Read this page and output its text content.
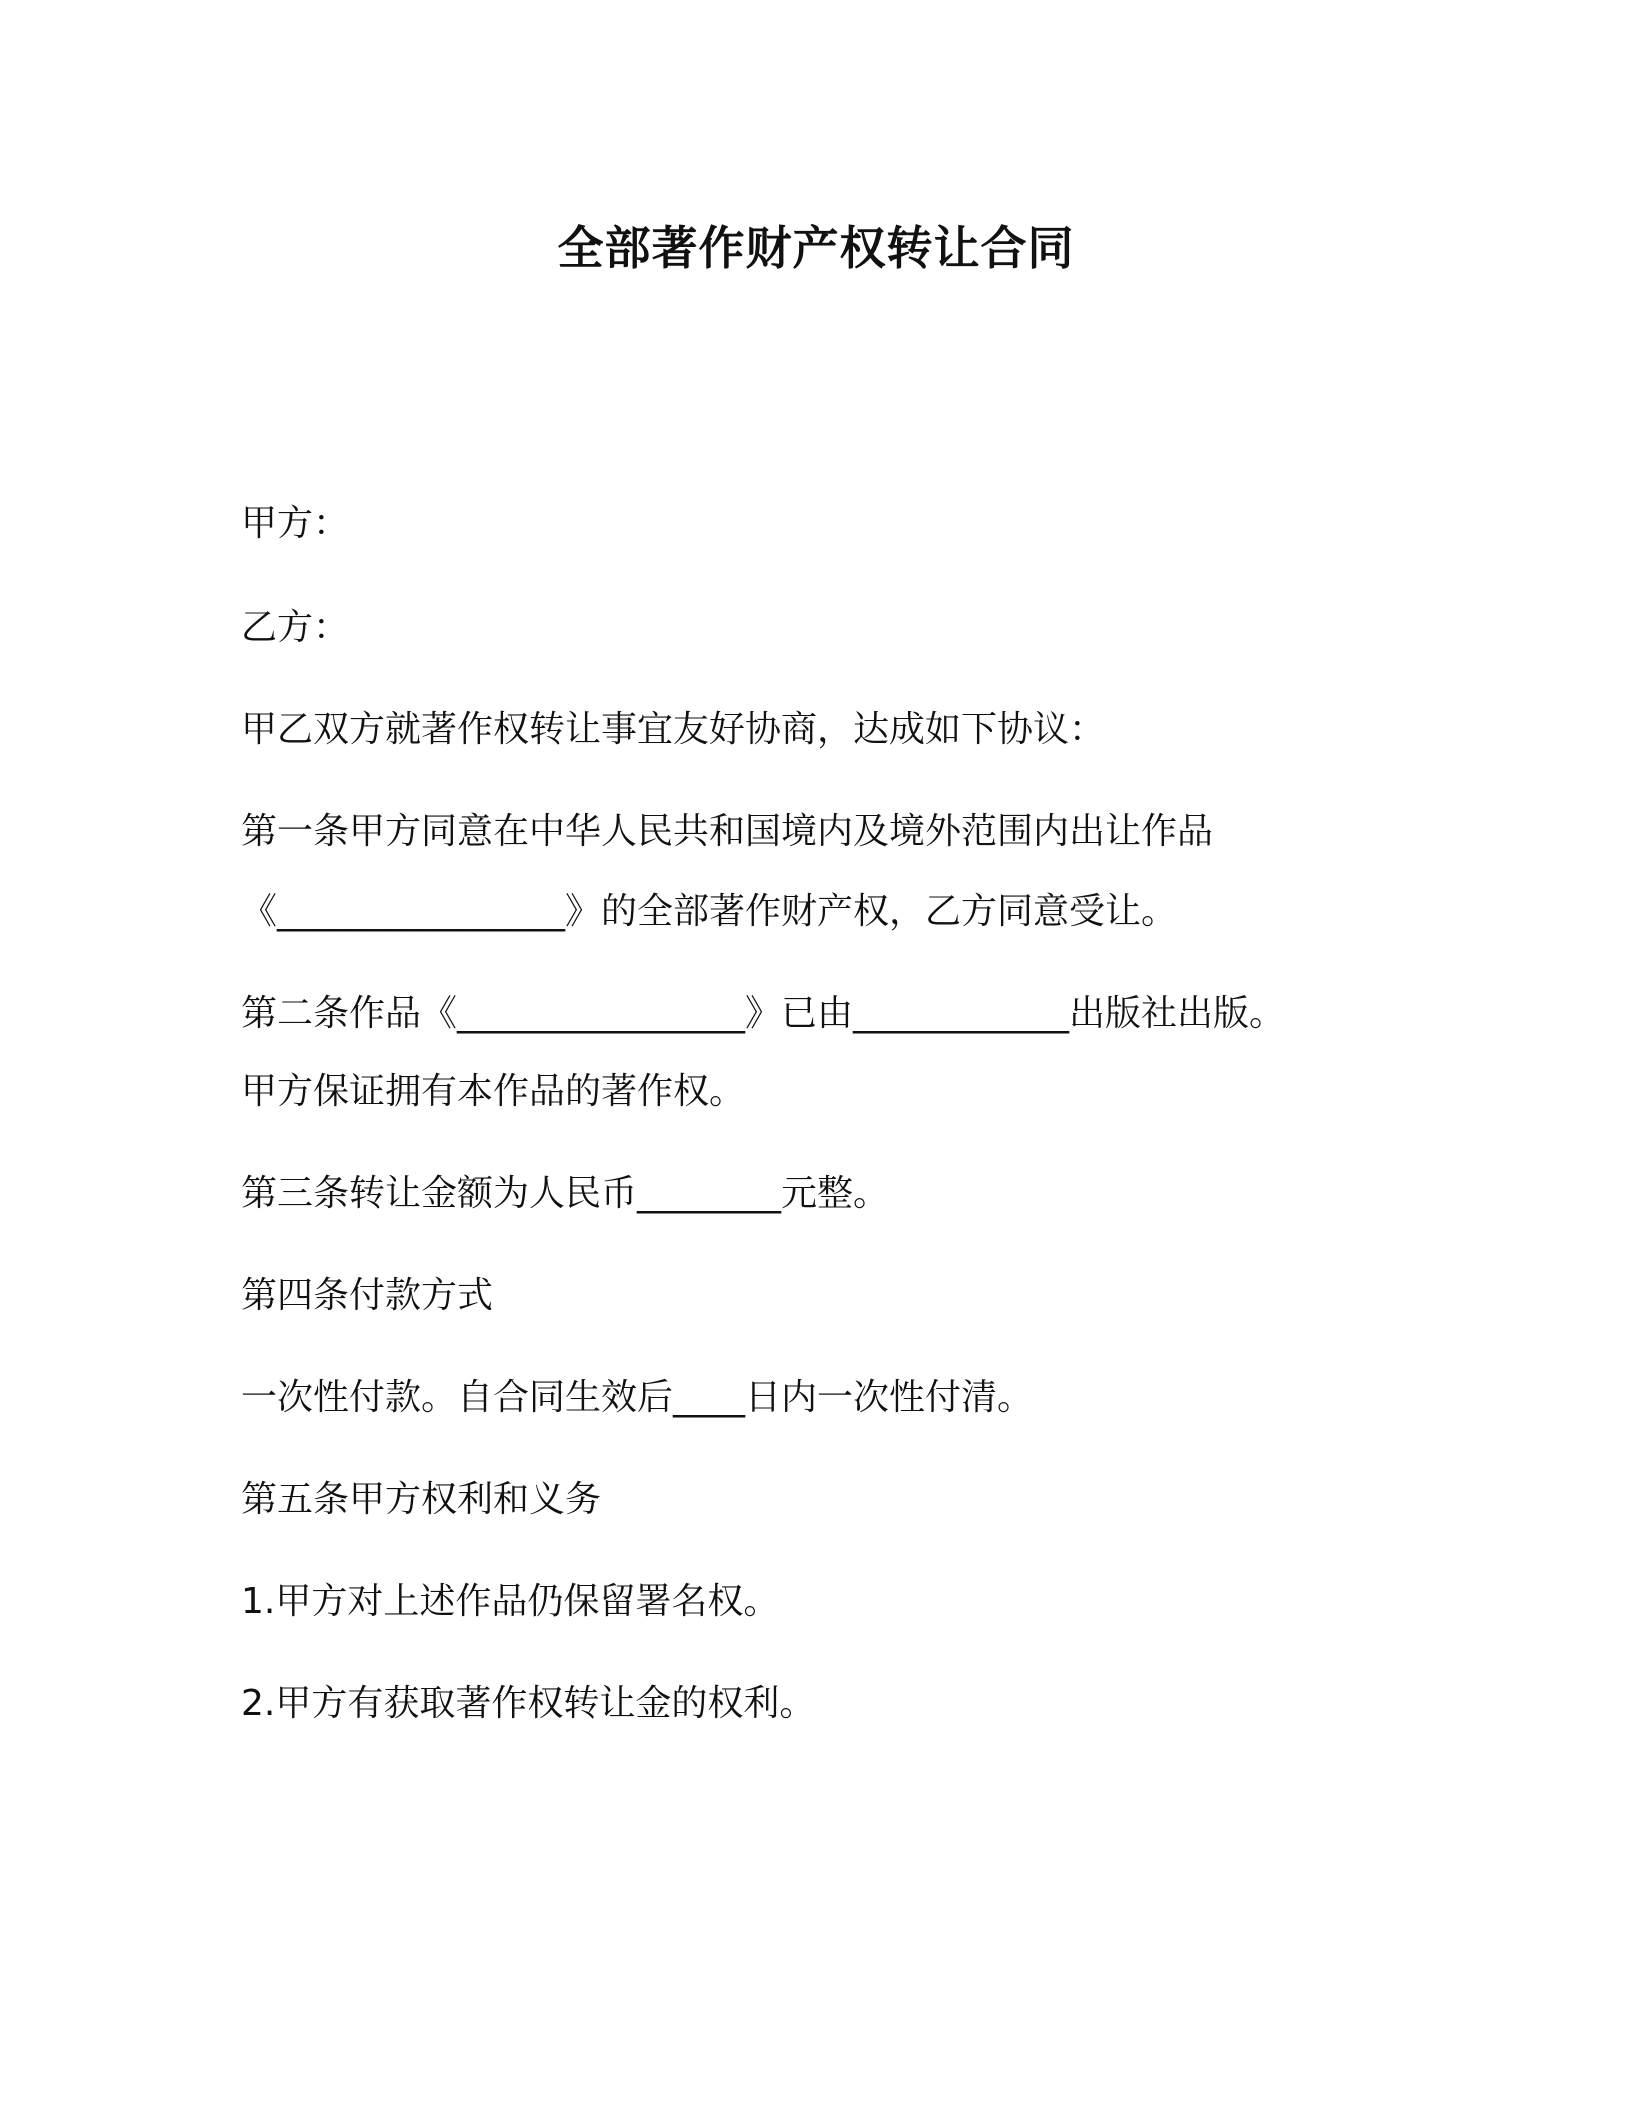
全部著作财产权转让合同

甲方：

乙方：

甲乙双方就著作权转让事宜友好协商，达成如下协议：

第一条甲方同意在中华人民共和国境内及境外范围内出让作品

《________________》的全部著作财产权，乙方同意受让。

第二条作品《________________》已由____________出版社出版。

甲方保证拥有本作品的著作权。

第三条转让金额为人民币________元整。

第四条付款方式

一次性付款。自合同生效后____日内一次性付清。

第五条甲方权利和义务

1.甲方对上述作品仍保留署名权。

2.甲方有获取著作权转让金的权利。
